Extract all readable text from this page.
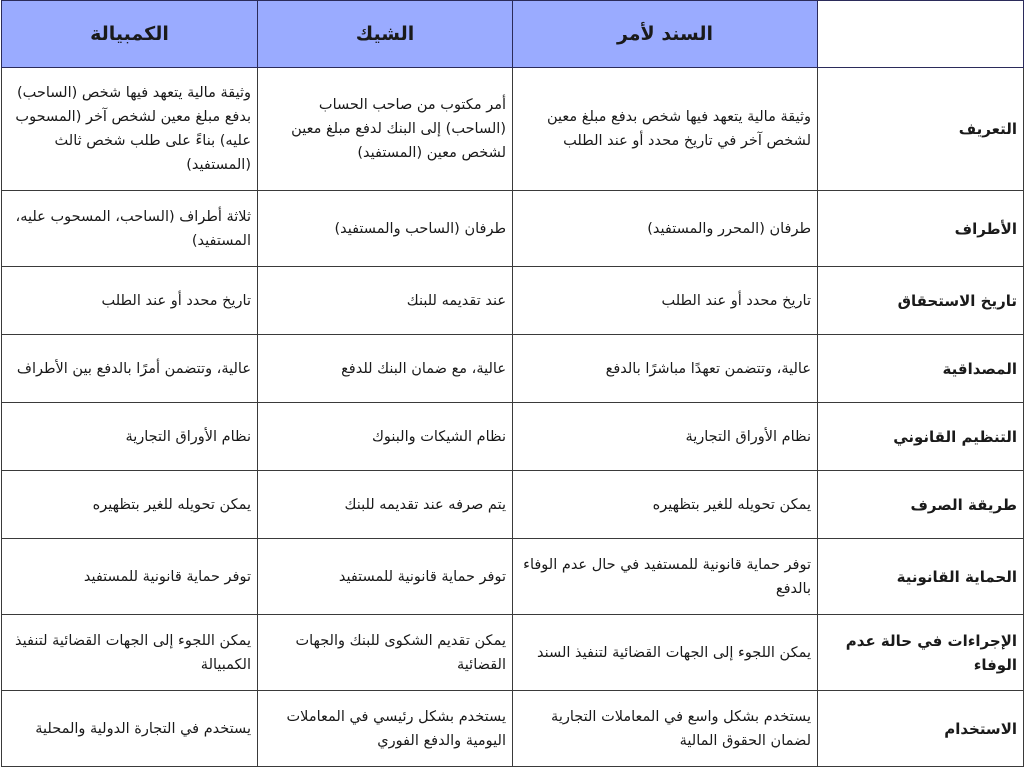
	السند لأمر	الشيك	الكمبيالة
التعريف	وثيقة مالية يتعهد فيها شخص بدفع مبلغ معين لشخص آخر في تاريخ محدد أو عند الطلب	أمر مكتوب من صاحب الحساب (الساحب) إلى البنك لدفع مبلغ معين لشخص معين (المستفيد)	وثيقة مالية يتعهد فيها شخص (الساحب) بدفع مبلغ معين لشخص آخر (المسحوب عليه) بناءً على طلب شخص ثالث (المستفيد)
الأطراف	طرفان (المحرر والمستفيد)	طرفان (الساحب والمستفيد)	ثلاثة أطراف (الساحب، المسحوب عليه، المستفيد)
تاريخ الاستحقاق	تاريخ محدد أو عند الطلب	عند تقديمه للبنك	تاريخ محدد أو عند الطلب
المصداقية	عالية، وتتضمن تعهدًا مباشرًا بالدفع	عالية، مع ضمان البنك للدفع	عالية، وتتضمن أمرًا بالدفع بين الأطراف
التنظيم القانوني	نظام الأوراق التجارية	نظام الشيكات والبنوك	نظام الأوراق التجارية
طريقة الصرف	يمكن تحويله للغير بتظهيره	يتم صرفه عند تقديمه للبنك	يمكن تحويله للغير بتظهيره
الحماية القانونية	توفر حماية قانونية للمستفيد في حال عدم الوفاء بالدفع	توفر حماية قانونية للمستفيد	توفر حماية قانونية للمستفيد
الإجراءات في حالة عدم الوفاء	يمكن اللجوء إلى الجهات القضائية لتنفيذ السند	يمكن تقديم الشكوى للبنك والجهات القضائية	يمكن اللجوء إلى الجهات القضائية لتنفيذ الكمبيالة
الاستخدام	يستخدم بشكل واسع في المعاملات التجارية لضمان الحقوق المالية	يستخدم بشكل رئيسي في المعاملات اليومية والدفع الفوري	يستخدم في التجارة الدولية والمحلية
